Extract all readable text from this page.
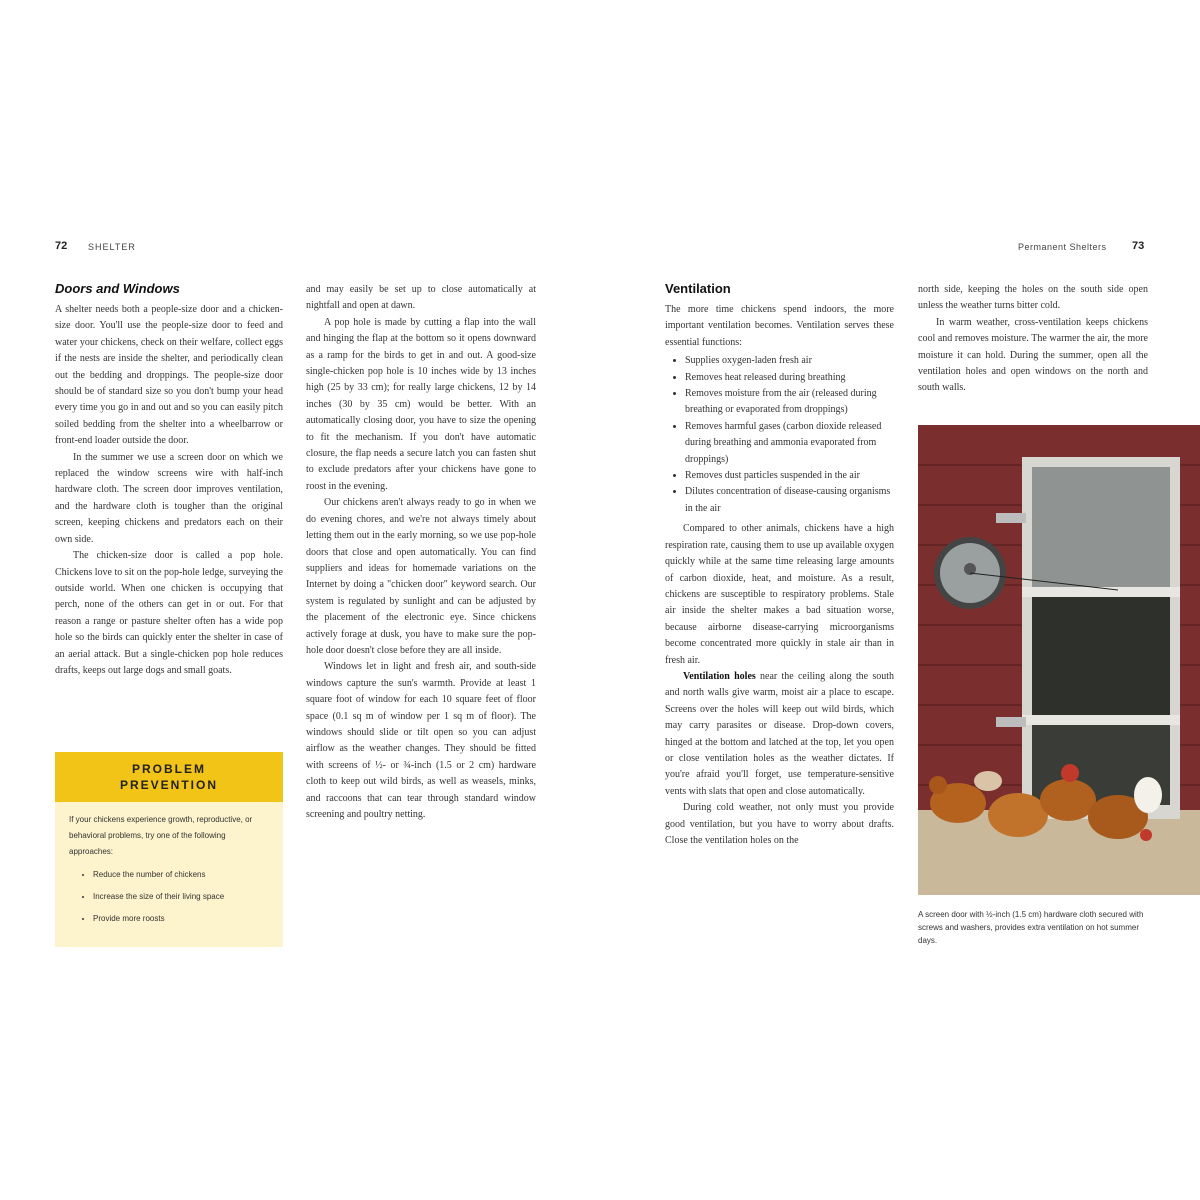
72 SHELTER
Doors and Windows

A shelter needs both a people-size door and a chicken-size door. You'll use the people-size door to feed and water your chickens, check on their welfare, collect eggs if the nests are inside the shelter, and periodically clean out the bedding and droppings. The people-size door should be of standard size so you don't bump your head every time you go in and out and so you can easily pitch soiled bedding from the shelter into a wheelbarrow or front-end loader outside the door.

In the summer we use a screen door on which we replaced the window screens wire with half-inch hardware cloth. The screen door improves ventilation, and the hardware cloth is tougher than the original screen, keeping chickens and predators each on their own side.

The chicken-size door is called a pop hole. Chickens love to sit on the pop-hole ledge, surveying the outside world. When one chicken is occupying that perch, none of the others can get in or out. For that reason a range or pasture shelter often has a wide pop hole so the birds can quickly enter the shelter in case of an aerial attack. But a single-chicken pop hole reduces drafts, keeps out large dogs and small goats.

PROBLEM
PREVENTION
If your chickens experience growth, reproductive, or behavioral problems, try one of the following approaches:
• Reduce the number of chickens
• Increase the size of their living space
• Provide more roosts

and may easily be set up to close automatically at nightfall and open at dawn.

A pop hole is made by cutting a flap into the wall and hinging the flap at the bottom so it opens downward as a ramp for the birds to get in and out. A good-size single-chicken pop hole is 10 inches wide by 13 inches high (25 by 33 cm); for really large chickens, 12 by 14 inches (30 by 35 cm) would be better. With an automatically closing door, you have to size the opening to fit the mechanism. If you don't have automatic closure, the flap needs a secure latch you can fasten shut to exclude predators after your chickens have gone to roost in the evening.

Our chickens aren't always ready to go in when we do evening chores, and we're not always timely about letting them out in the early morning, so we use pop-hole doors that close and open automatically. You can find suppliers and ideas for homemade variations on the Internet by doing a "chicken door" keyword search. Our system is regulated by sunlight and can be adjusted by the placement of the electronic eye. Since chickens actively forage at dusk, you have to make sure the pop-hole door doesn't close before they are all inside.

Windows let in light and fresh air, and south-side windows capture the sun's warmth. Provide at least 1 square foot of window for each 10 square feet of floor space (0.1 sq m of window per 1 sq m of floor). The windows should slide or tilt open so you can adjust airflow as the weather changes. They should be fitted with screens of ½- or ¾-inch (1.5 or 2 cm) hardware cloth to keep out wild birds, as well as weasels, minks, and raccoons that can tear through standard window screening and poultry netting.

Permanent Shelters 73
Ventilation

The more time chickens spend indoors, the more important ventilation becomes. Ventilation serves these essential functions:

• Supplies oxygen-laden fresh air
• Removes heat released during breathing
• Removes moisture from the air (released during breathing or evaporated from droppings)
• Removes harmful gases (carbon dioxide released during breathing and ammonia evaporated from droppings)
• Removes dust particles suspended in the air
• Dilutes concentration of disease-causing organisms in the air

Compared to other animals, chickens have a high respiration rate, causing them to use up available oxygen quickly while at the same time releasing large amounts of carbon dioxide, heat, and moisture. As a result, chickens are susceptible to respiratory problems. Stale air inside the shelter makes a bad situation worse, because airborne disease-carrying microorganisms become concentrated more quickly in stale air than in fresh air.

Ventilation holes near the ceiling along the south and north walls give warm, moist air a place to escape. Screens over the holes will keep out wild birds, which may carry parasites or disease. Drop-down covers, hinged at the bottom and latched at the top, let you open or close ventilation holes as the weather dictates. If you're afraid you'll forget, use temperature-sensitive vents with slats that open and close automatically.

During cold weather, not only must you provide good ventilation, but you have to worry about drafts. Close the ventilation holes on the

north side, keeping the holes on the south side open unless the weather turns bitter cold.

In warm weather, cross-ventilation keeps chickens cool and removes moisture. The warmer the air, the more moisture it can hold. During the summer, open all the ventilation holes and open windows on the north and south walls.

A screen door with ½-inch (1.5 cm) hardware cloth secured with screws and washers, provides extra ventilation on hot summer days.
